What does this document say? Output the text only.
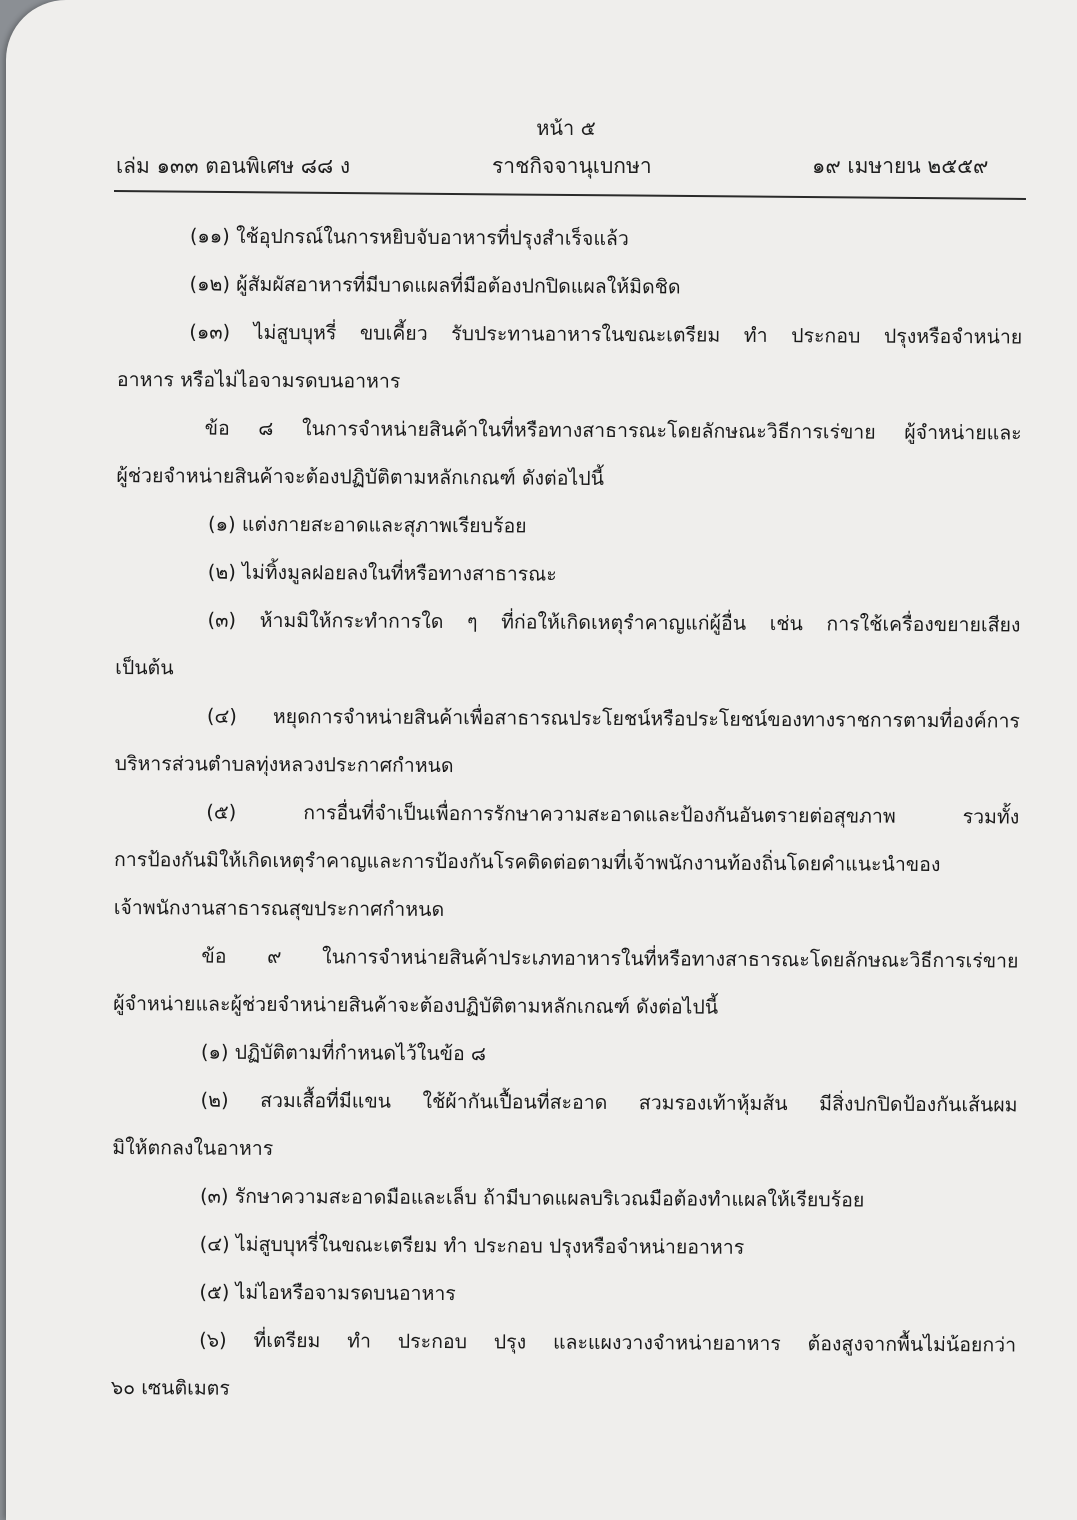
หน้า ๕
เล่ม ๑๓๓ ตอนพิเศษ ๘๘ ง	ราชกิจจานุเบกษา	๑๙ เมษายน ๒๕๕๙

(๑๑) ใช้อุปกรณ์ในการหยิบจับอาหารที่ปรุงสำเร็จแล้ว

(๑๒) ผู้สัมผัสอาหารที่มีบาดแผลที่มือต้องปกปิดแผลให้มิดชิด

(๑๓) ไม่สูบบุหรี่ ขบเคี้ยว รับประทานอาหารในขณะเตรียม ทำ ประกอบ ปรุงหรือจำหน่าย

อาหาร หรือไม่ไอจามรดบนอาหาร

ข้อ ๘ ในการจำหน่ายสินค้าในที่หรือทางสาธารณะโดยลักษณะวิธีการเร่ขาย ผู้จำหน่ายและ

ผู้ช่วยจำหน่ายสินค้าจะต้องปฏิบัติตามหลักเกณฑ์ ดังต่อไปนี้

(๑) แต่งกายสะอาดและสุภาพเรียบร้อย

(๒) ไม่ทิ้งมูลฝอยลงในที่หรือทางสาธารณะ

(๓) ห้ามมิให้กระทำการใด ๆ ที่ก่อให้เกิดเหตุรำคาญแก่ผู้อื่น เช่น การใช้เครื่องขยายเสียง

เป็นต้น

(๔) หยุดการจำหน่ายสินค้าเพื่อสาธารณประโยชน์หรือประโยชน์ของทางราชการตามที่องค์การ

บริหารส่วนตำบลทุ่งหลวงประกาศกำหนด

(๕) การอื่นที่จำเป็นเพื่อการรักษาความสะอาดและป้องกันอันตรายต่อสุขภาพ รวมทั้ง

การป้องกันมิให้เกิดเหตุรำคาญและการป้องกันโรคติดต่อตามที่เจ้าพนักงานท้องถิ่นโดยคำแนะนำของ

เจ้าพนักงานสาธารณสุขประกาศกำหนด

ข้อ ๙ ในการจำหน่ายสินค้าประเภทอาหารในที่หรือทางสาธารณะโดยลักษณะวิธีการเร่ขาย

ผู้จำหน่ายและผู้ช่วยจำหน่ายสินค้าจะต้องปฏิบัติตามหลักเกณฑ์ ดังต่อไปนี้

(๑) ปฏิบัติตามที่กำหนดไว้ในข้อ ๘

(๒) สวมเสื้อที่มีแขน ใช้ผ้ากันเปื้อนที่สะอาด สวมรองเท้าหุ้มส้น มีสิ่งปกปิดป้องกันเส้นผม

มิให้ตกลงในอาหาร

(๓) รักษาความสะอาดมือและเล็บ ถ้ามีบาดแผลบริเวณมือต้องทำแผลให้เรียบร้อย

(๔) ไม่สูบบุหรี่ในขณะเตรียม ทำ ประกอบ ปรุงหรือจำหน่ายอาหาร

(๕) ไม่ไอหรือจามรดบนอาหาร

(๖) ที่เตรียม ทำ ประกอบ ปรุง และแผงวางจำหน่ายอาหาร ต้องสูงจากพื้นไม่น้อยกว่า

๖๐ เซนติเมตร
